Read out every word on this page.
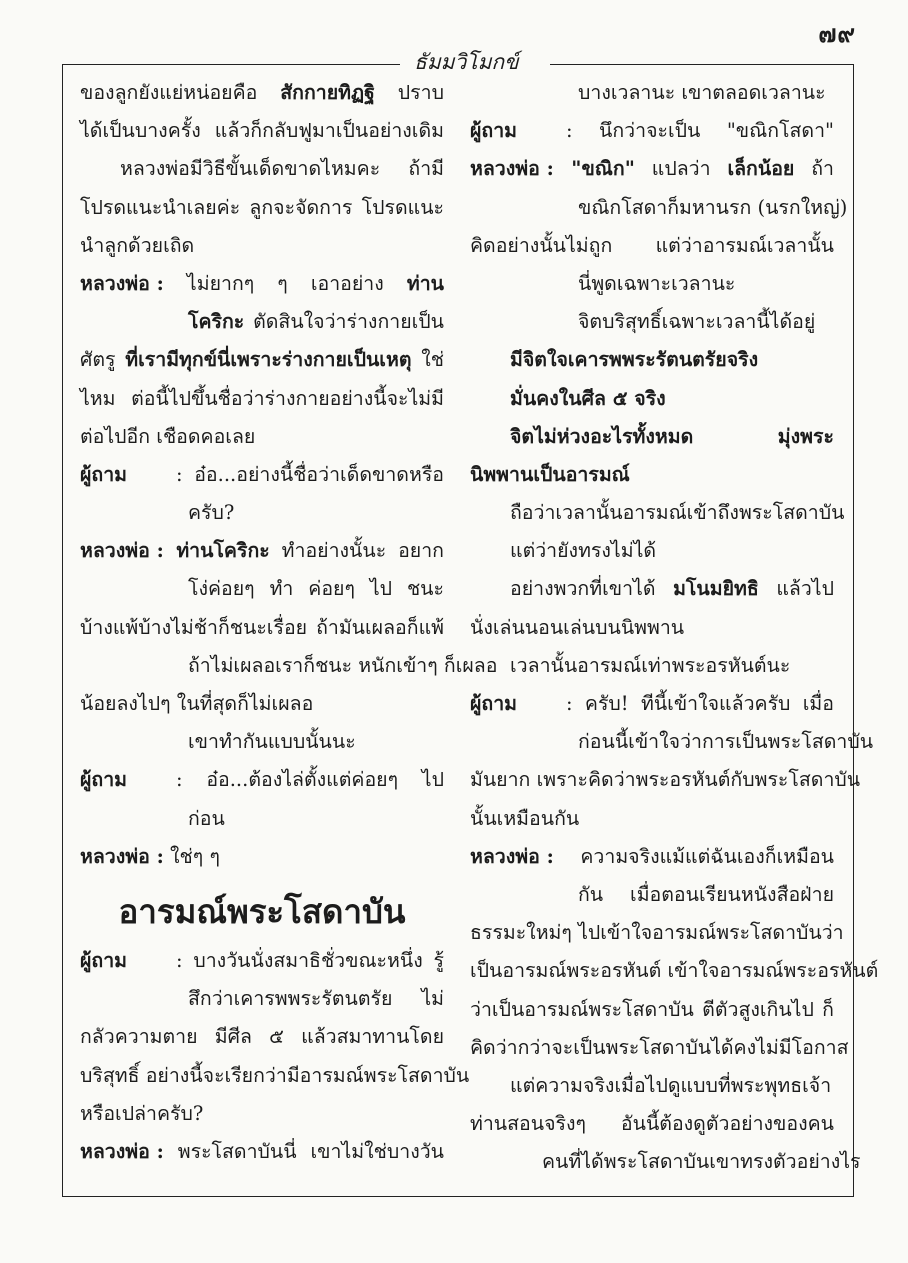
๗๙
ธัมมวิโมกข์
ของลูกยังแย่หน่อยคือ สักกายทิฏฐิ ปราบ
ได้เป็นบางครั้ง แล้วก็กลับฟูมาเป็นอย่างเดิม
หลวงพ่อมีวิธีขั้นเด็ดขาดไหมคะ ถ้ามี
โปรดแนะนำเลยค่ะ ลูกจะจัดการ โปรดแนะ
นำลูกด้วยเถิด
หลวงพ่อ : ไม่ยากๆ ๆ เอาอย่าง ท่าน
โคริกะ ตัดสินใจว่าร่างกายเป็น
ศัตรู ที่เรามีทุกข์นี่เพราะร่างกายเป็นเหตุ ใช่
ไหม ต่อนี้ไปขึ้นชื่อว่าร่างกายอย่างนี้จะไม่มี
ต่อไปอีก เชือดคอเลย
ผู้ถาม	: อ๋อ...อย่างนี้ชื่อว่าเด็ดขาดหรือ
ครับ?
หลวงพ่อ : ท่านโคริกะ ทำอย่างนั้นะ อยาก
โง่ค่อยๆ ทำ ค่อยๆ ไป ชนะ
บ้างแพ้บ้างไม่ช้าก็ชนะเรื่อย ถ้ามันเผลอก็แพ้
ถ้าไม่เผลอเราก็ชนะ หนักเข้าๆ ก็เผลอ
น้อยลงไปๆ ในที่สุดก็ไม่เผลอ
เขาทำกันแบบนั้นนะ
ผู้ถาม	: อ๋อ...ต้องไล่ตั้งแต่ค่อยๆ ไป
ก่อน
หลวงพ่อ : ใช่ๆ ๆ
อารมณ์พระโสดาบัน
ผู้ถาม	: บางวันนั่งสมาธิชั่วขณะหนึ่ง รู้
สึกว่าเคารพพระรัตนตรัย ไม่
กลัวความตาย มีศีล ๕ แล้วสมาทานโดย
บริสุทธิ์ อย่างนี้จะเรียกว่ามีอารมณ์พระโสดาบัน
หรือเปล่าครับ?
หลวงพ่อ : พระโสดาบันนี่ เขาไม่ใช่บางวัน
บางเวลานะ เขาตลอดเวลานะ
ผู้ถาม	: นึกว่าจะเป็น "ขณิกโสดา"
หลวงพ่อ : "ขณิก" แปลว่า เล็กน้อย ถ้า
ขณิกโสดาก็มหานรก (นรกใหญ่)
คิดอย่างนั้นไม่ถูก แต่ว่าอารมณ์เวลานั้น
นี่พูดเฉพาะเวลานะ
จิตบริสุทธิ์เฉพาะเวลานี้ได้อยู่
มีจิตใจเคารพพระรัตนตรัยจริง
มั่นคงในศีล ๕ จริง
จิตไม่ห่วงอะไรทั้งหมด มุ่งพระ
นิพพานเป็นอารมณ์
ถือว่าเวลานั้นอารมณ์เข้าถึงพระโสดาบัน
แต่ว่ายังทรงไม่ได้
อย่างพวกที่เขาได้ มโนมยิทธิ แล้วไป
นั่งเล่นนอนเล่นบนนิพพาน
เวลานั้นอารมณ์เท่าพระอรหันต์นะ
ผู้ถาม	: ครับ! ทีนี้เข้าใจแล้วครับ เมื่อ
ก่อนนี้เข้าใจว่าการเป็นพระโสดาบัน
มันยาก เพราะคิดว่าพระอรหันต์กับพระโสดาบัน
นั้นเหมือนกัน
หลวงพ่อ : ความจริงแม้แต่ฉันเองก็เหมือน
กัน เมื่อตอนเรียนหนังสือฝ่าย
ธรรมะใหม่ๆ ไปเข้าใจอารมณ์พระโสดาบันว่า
เป็นอารมณ์พระอรหันต์ เข้าใจอารมณ์พระอรหันต์
ว่าเป็นอารมณ์พระโสดาบัน ตีตัวสูงเกินไป ก็
คิดว่ากว่าจะเป็นพระโสดาบันได้คงไม่มีโอกาส
แต่ความจริงเมื่อไปดูแบบที่พระพุทธเจ้า
ท่านสอนจริงๆ อันนี้ต้องดูตัวอย่างของคน
คนที่ได้พระโสดาบันเขาทรงตัวอย่างไร
